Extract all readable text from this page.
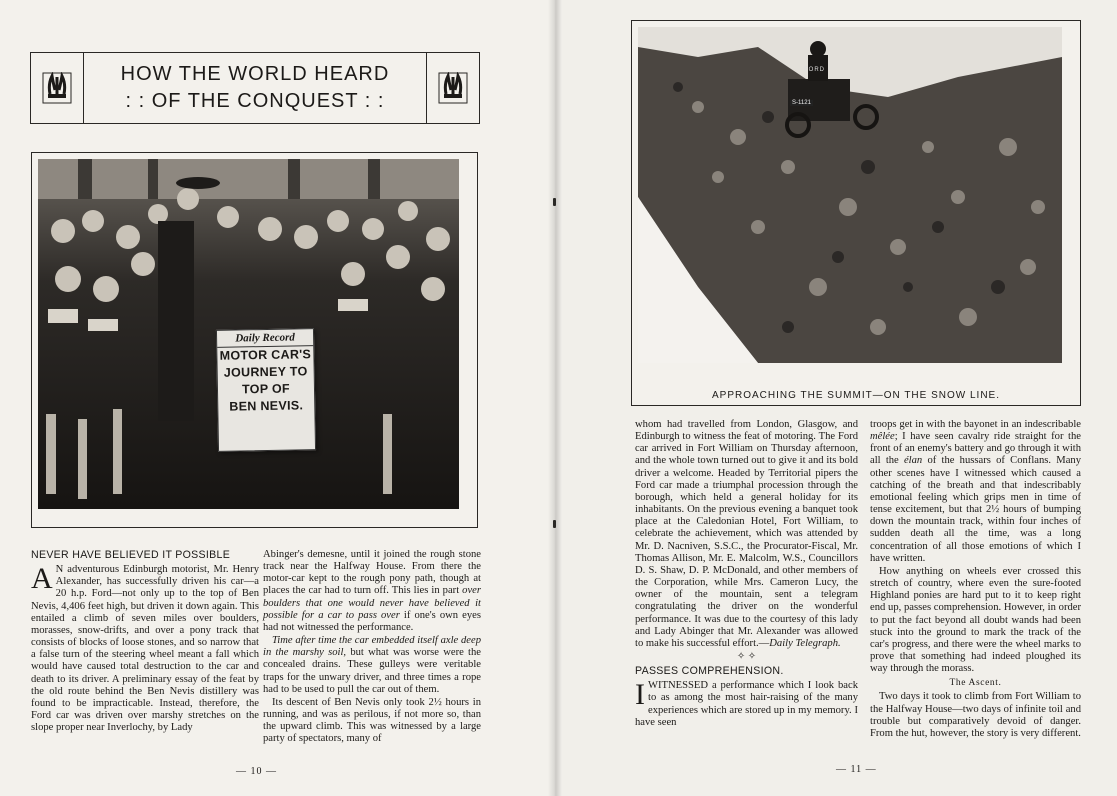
HOW THE WORLD HEARD
: : OF THE CONQUEST : :
Daily Record
MOTOR CAR'S
JOURNEY TO
TOP OF
BEN NEVIS.
FORD
S-1121
APPROACHING THE SUMMIT—ON THE SNOW LINE.
NEVER HAVE BELIEVED IT POSSIBLE

A N adventurous Edinburgh motorist, Mr. Henry Alexander, has successfully driven his car—a 20 h.p. Ford—not only up to the top of Ben Nevis, 4,406 feet high, but driven it down again. This entailed a climb of seven miles over boulders, morasses, snow-drifts, and over a pony track that consists of blocks of loose stones, and so narrow that a false turn of the steering wheel meant a fall which would have caused total destruction to the car and death to its driver. A preliminary essay of the feat by the old route behind the Ben Nevis distillery was found to be impracticable. Instead, therefore, the Ford car was driven over marshy stretches on the slope proper near Inverlochy, by Lady

Abinger's demesne, until it joined the rough stone track near the Halfway House. From there the motor-car kept to the rough pony path, though at places the car had to turn off. This lies in part over boulders that one would never have believed it possible for a car to pass over if one's own eyes had not witnessed the performance.

Time after time the car embedded itself axle deep in the marshy soil, but what was worse were the concealed drains. These gulleys were veritable traps for the unwary driver, and three times a rope had to be used to pull the car out of them.

Its descent of Ben Nevis only took 2½ hours in running, and was as perilous, if not more so, than the upward climb. This was witnessed by a large party of spectators, many of

whom had travelled from London, Glasgow, and Edinburgh to witness the feat of motoring. The Ford car arrived in Fort William on Thursday afternoon, and the whole town turned out to give it and its bold driver a welcome. Headed by Territorial pipers the Ford car made a triumphal procession through the borough, which held a general holiday for its inhabitants. On the previous evening a banquet took place at the Caledonian Hotel, Fort William, to celebrate the achievement, which was attended by Mr. D. Nacniven, S.S.C., the Procurator-Fiscal, Mr. Thomas Allison, Mr. E. Malcolm, W.S., Councillors D. S. Shaw, D. P. McDonald, and other members of the Corporation, while Mrs. Cameron Lucy, the owner of the mountain, sent a telegram congratulating the driver on the wonderful performance. It was due to the courtesy of this lady and Lady Abinger that Mr. Alexander was allowed to make his successful effort.—Daily Telegraph.

✧ ✧

PASSES COMPREHENSION.

IWITNESSED a performance which I look back to as among the most hair-raising of the many experiences which are stored up in my memory. I have seen

troops get in with the bayonet in an indescribable mêlée; I have seen cavalry ride straight for the front of an enemy's battery and go through it with all the élan of the hussars of Conflans. Many other scenes have I witnessed which caused a catching of the breath and that indescribably emotional feeling which grips men in time of tense excitement, but that 2½ hours of bumping down the mountain track, within four inches of sudden death all the time, was a long concentration of all those emotions of which I have written.

How anything on wheels ever crossed this stretch of country, where even the sure-footed Highland ponies are hard put to it to keep right end up, passes comprehension. However, in order to put the fact beyond all doubt wands had been stuck into the ground to mark the track of the car's progress, and there were the wheel marks to prove that something had indeed ploughed its way through the morass.

The Ascent.

Two days it took to climb from Fort William to the Halfway House—two days of infinite toil and trouble but comparatively devoid of danger. From the hut, however, the story is very different.

— 10 —	— 11 —
